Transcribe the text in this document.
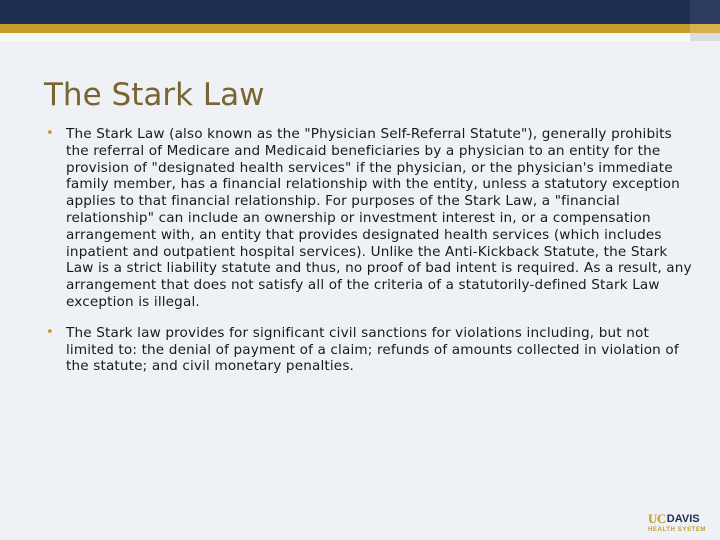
The Stark Law
• The Stark Law (also known as the "Physician Self-Referral Statute"), generally prohibits the referral of Medicare and Medicaid beneficiaries by a physician to an entity for the provision of "designated health services" if the physician, or the physician's immediate family member, has a financial relationship with the entity, unless a statutory exception applies to that financial relationship. For purposes of the Stark Law, a "financial relationship" can include an ownership or investment interest in, or a compensation arrangement with, an entity that provides designated health services (which includes inpatient and outpatient hospital services). Unlike the Anti-Kickback Statute, the Stark Law is a strict liability statute and thus, no proof of bad intent is required. As a result, any arrangement that does not satisfy all of the criteria of a statutorily-defined Stark Law exception is illegal.
• The Stark law provides for significant civil sanctions for violations including, but not limited to: the denial of payment of a claim; refunds of amounts collected in violation of the statute; and civil monetary penalties.
UC DAVIS
HEALTH SYSTEM
